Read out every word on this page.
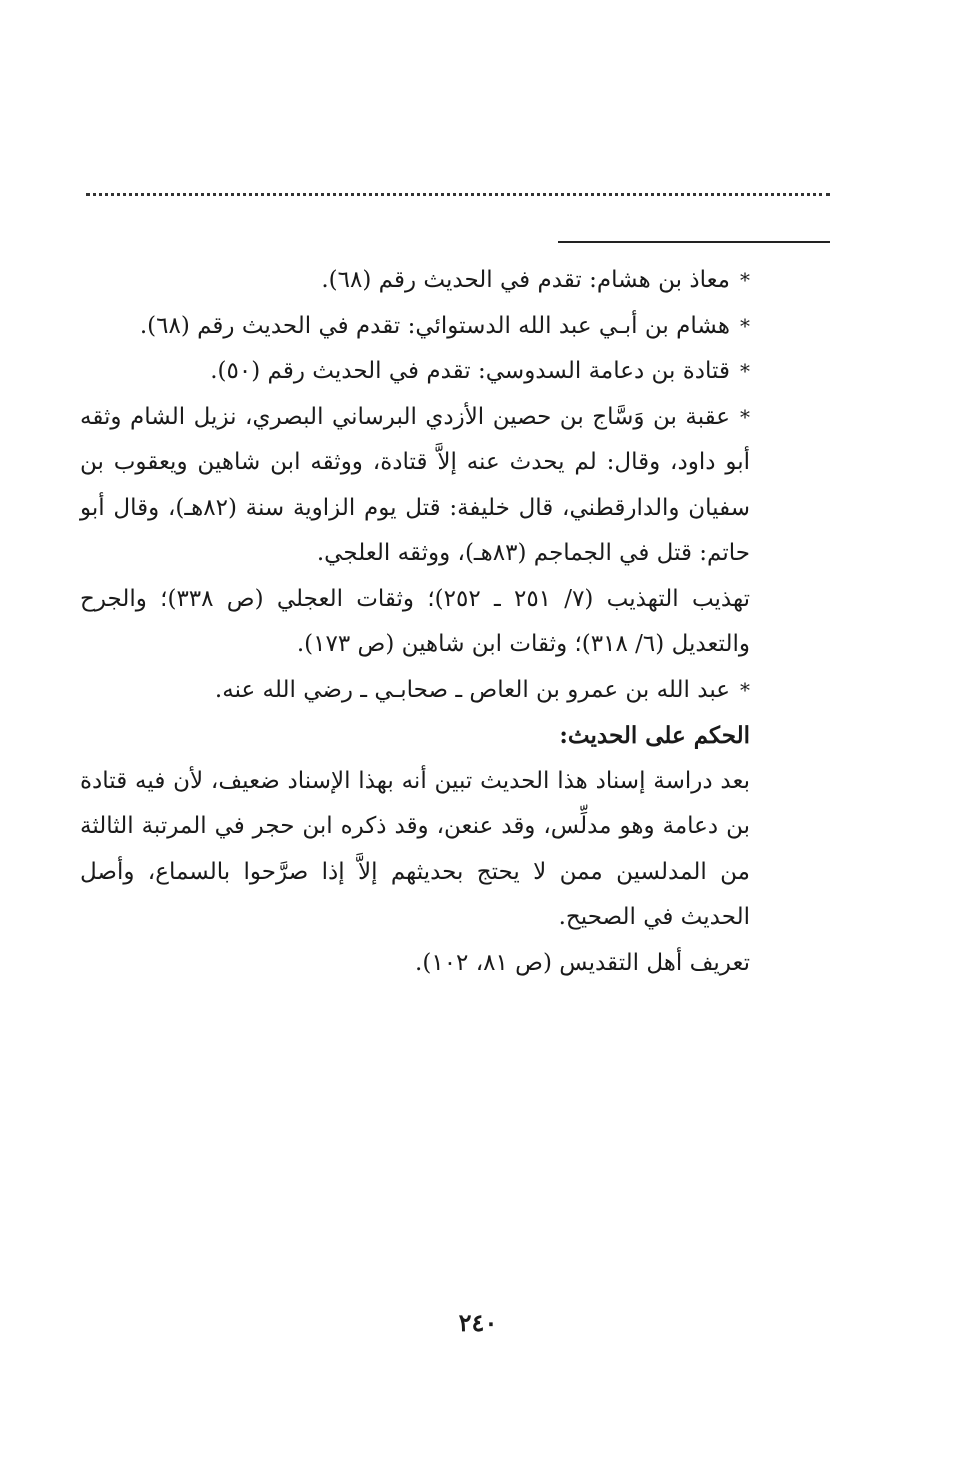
*معاذ بن هشام: تقدم في الحديث رقم (٦٨).

*هشام بن أبـي عبد الله الدستوائي: تقدم في الحديث رقم (٦٨).

*قتادة بن دعامة السدوسي: تقدم في الحديث رقم (٥٠).

*عقبة بن وَسَّاج بن حصين الأزدي البرساني البصري، نزيل الشام وثقه أبو داود، وقال: لم يحدث عنه إلاَّ قتادة، ووثقه ابن شاهين ويعقوب بن سفيان والدارقطني، قال خليفة: قتل يوم الزاوية سنة (٨٢هـ)، وقال أبو حاتم: قتل في الجماجم (٨٣هـ)، ووثقه العلجي.

تهذيب التهذيب (٧/ ٢٥١ ـ ٢٥٢)؛ وثقات العجلي (ص ٣٣٨)؛ والجرح والتعديل (٦/ ٣١٨)؛ وثقات ابن شاهين (ص ١٧٣).

*عبد الله بن عمرو بن العاص ـ صحابـي ـ رضي الله عنه.

الحكم على الحديث:

بعد دراسة إسناد هذا الحديث تبين أنه بهذا الإسناد ضعيف، لأن فيه قتادة بن دعامة وهو مدلِّس، وقد عنعن، وقد ذكره ابن حجر في المرتبة الثالثة من المدلسين ممن لا يحتج بحديثهم إلاَّ إذا صرَّحوا بالسماع، وأصل الحديث في الصحيح.

تعريف أهل التقديس (ص ٨١، ١٠٢).

٢٤٠
